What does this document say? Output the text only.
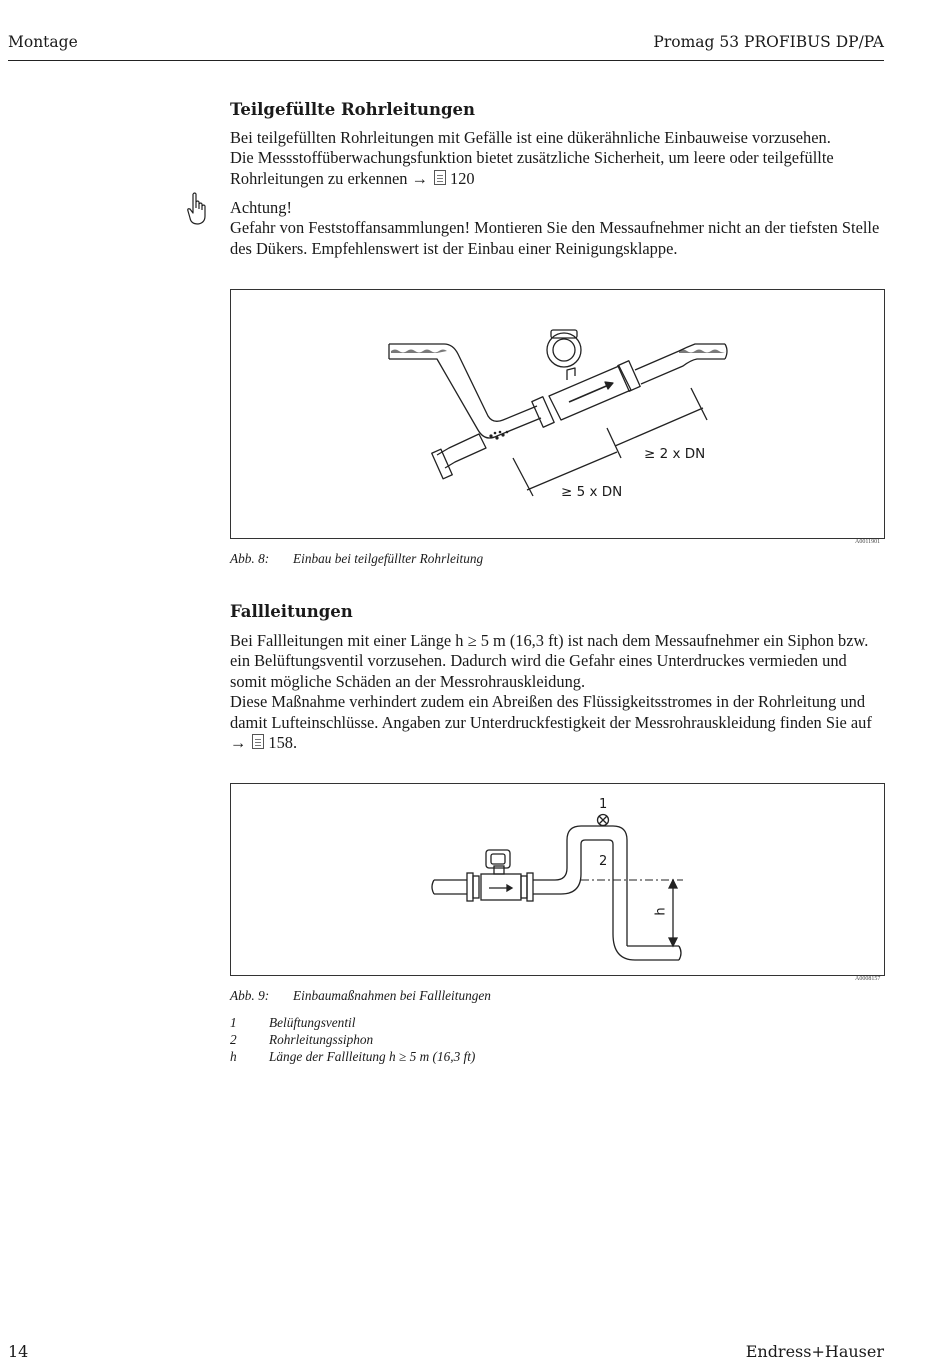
Montage	Promag 53 PROFIBUS DP/PA
Teilgefüllte Rohrleitungen
Bei teilgefüllten Rohrleitungen mit Gefälle ist eine dükerähnliche Einbauweise vorzusehen.
Die Messstoffüberwachungsfunktion bietet zusätzliche Sicherheit, um leere oder teilgefüllte
Rohrleitungen zu erkennen → 120
Achtung!
Gefahr von Feststoffansammlungen! Montieren Sie den Messaufnehmer nicht an der tiefsten Stelle
des Dükers. Empfehlenswert ist der Einbau einer Reinigungsklappe.
≥ 2 x DN
≥ 5 x DN
A0011901
Abb. 8: Einbau bei teilgefüllter Rohrleitung
Fallleitungen
Bei Fallleitungen mit einer Länge h ≥ 5 m (16,3 ft) ist nach dem Messaufnehmer ein Siphon bzw.
ein Belüftungsventil vorzusehen. Dadurch wird die Gefahr eines Unterdruckes vermieden und
somit mögliche Schäden an der Messrohrauskleidung.
Diese Maßnahme verhindert zudem ein Abreißen des Flüssigkeitsstromes in der Rohrleitung und
damit Lufteinschlüsse. Angaben zur Unterdruckfestigkeit der Messrohrauskleidung finden Sie auf
→ 158.
1
2
h
A0008157
Abb. 9: Einbaumaßnahmen bei Fallleitungen
1	Belüftungsventil
2	Rohrleitungssiphon
h	Länge der Fallleitung h ≥ 5 m (16,3 ft)
14	Endress+Hauser
